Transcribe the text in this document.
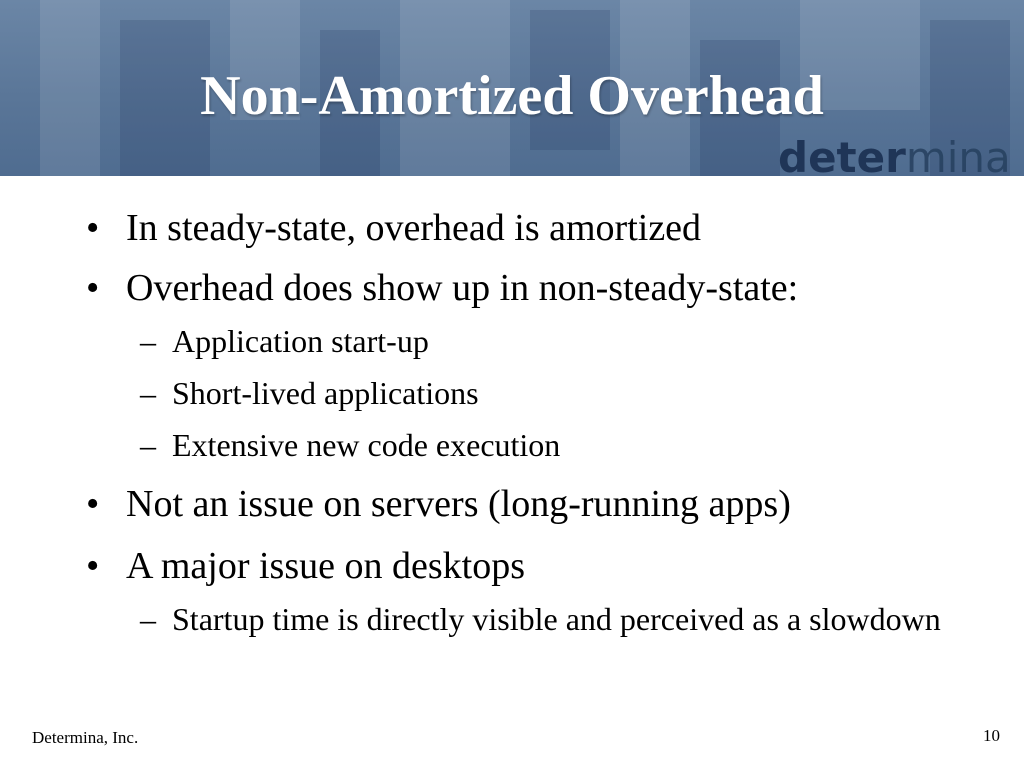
Non-Amortized Overhead
determina
• In steady-state, overhead is amortized
• Overhead does show up in non-steady-state:
– Application start-up
– Short-lived applications
– Extensive new code execution
• Not an issue on servers (long-running apps)
• A major issue on desktops
– Startup time is directly visible and perceived as a slowdown
Determina, Inc.	10
